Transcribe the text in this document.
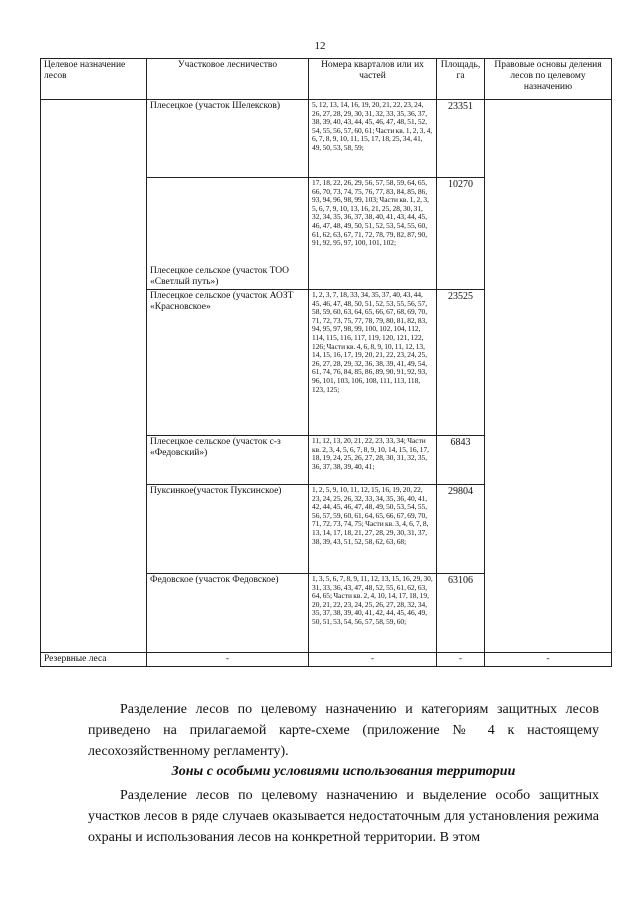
12
Целевое назначение лесов	Участковое лесничество	Номера кварталов или их частей	Площадь, га	Правовые основы деления лесов по целевому назначению
	Плесецкое (участок Шелексков)	5, 12, 13, 14, 16, 19, 20, 21, 22, 23, 24, 26, 27, 28, 29, 30, 31, 32, 33, 35, 36, 37, 38, 39, 40, 43, 44, 45, 46, 47, 48, 51, 52, 54, 55, 56, 57, 60, 61; Части кв. 1, 2, 3, 4, 6, 7, 8, 9, 10, 11, 15, 17, 18, 25, 34, 41, 49, 50, 53, 58, 59;	23351	

	Плесецкое сельское (участок ТОО «Светлый путь»)	17, 18, 22, 26, 29, 56, 57, 58, 59, 64, 65, 66, 70, 73, 74, 75, 76, 77, 83, 84, 85, 86, 93, 94, 96, 98, 99, 103; Части кв. 1, 2, 3, 5, 6, 7, 9, 10, 13, 16, 21, 25, 28, 30, 31, 32, 34, 35, 36, 37, 38, 40, 41, 43, 44, 45, 46, 47, 48, 49, 50, 51, 52, 53, 54, 55, 60, 61, 62, 63, 67, 71, 72, 78, 79, 82, 87, 90, 91, 92, 95, 97, 100, 101, 102;	10270	
	Плесецкое сельское (участок АОЗТ «Красновское»	1, 2, 3, 7, 18, 33, 34, 35, 37, 40, 43, 44, 45, 46, 47, 48, 50, 51, 52, 53, 55, 56, 57, 58, 59, 60, 63, 64, 65, 66, 67, 68, 69, 70, 71, 72, 73, 75, 77, 78, 79, 80, 81, 82, 83, 94, 95, 97, 98, 99, 100, 102, 104, 112, 114, 115, 116, 117, 119, 120, 121, 122, 126; Части кв. 4, 6, 8, 9, 10, 11, 12, 13, 14, 15, 16, 17, 19, 20, 21, 22, 23, 24, 25, 26, 27, 28, 29, 32, 36, 38, 39, 41, 49, 54, 61, 74, 76, 84, 85, 86, 89, 90, 91, 92, 93, 96, 101, 103, 106, 108, 111, 113, 118, 123, 125;	23525	
	Плесецкое сельское (участок с-з «Федовский»)	11, 12, 13, 20, 21, 22, 23, 33, 34; Части кв. 2, 3, 4, 5, 6, 7, 8, 9, 10, 14, 15, 16, 17, 18, 19, 24, 25, 26, 27, 28, 30, 31, 32, 35, 36, 37, 38, 39, 40, 41;	6843	
	Пуксинкое(участок Пуксинское)	1, 2, 5, 9, 10, 11, 12, 15, 16, 19, 20, 22, 23, 24, 25, 26, 32, 33, 34, 35, 36, 40, 41, 42, 44, 45, 46, 47, 48, 49, 50, 53, 54, 55, 56, 57, 59, 60, 61, 64, 65, 66, 67, 69, 70, 71, 72, 73, 74, 75; Части кв. 3, 4, 6, 7, 8, 13, 14, 17, 18, 21, 27, 28, 29, 30, 31, 37, 38, 39, 43, 51, 52, 58, 62, 63, 68;	29804	
	Федовское (участок Федовское)	1, 3, 5, 6, 7, 8, 9, 11, 12, 13, 15, 16, 29, 30, 31, 33, 36, 43, 47, 48, 52, 55, 61, 62, 63, 64, 65; Части кв. 2, 4, 10, 14, 17, 18, 19, 20, 21, 22, 23, 24, 25, 26, 27, 28, 32, 34, 35, 37, 38, 39, 40, 41, 42, 44, 45, 46, 49, 50, 51, 53, 54, 56, 57, 58, 59, 60;	63106	
Резервные леса	-	-	-	-
Разделение лесов по целевому назначению и категориям защитных лесов приведено на прилагаемой карте-схеме (приложение № 4 к настоящему лесохозяйственному регламенту).
Зоны с особыми условиями использования территории
Разделение лесов по целевому назначению и выделение особо защитных участков лесов в ряде случаев оказывается недостаточным для установления режима охраны и использования лесов на конкретной территории. В этом
